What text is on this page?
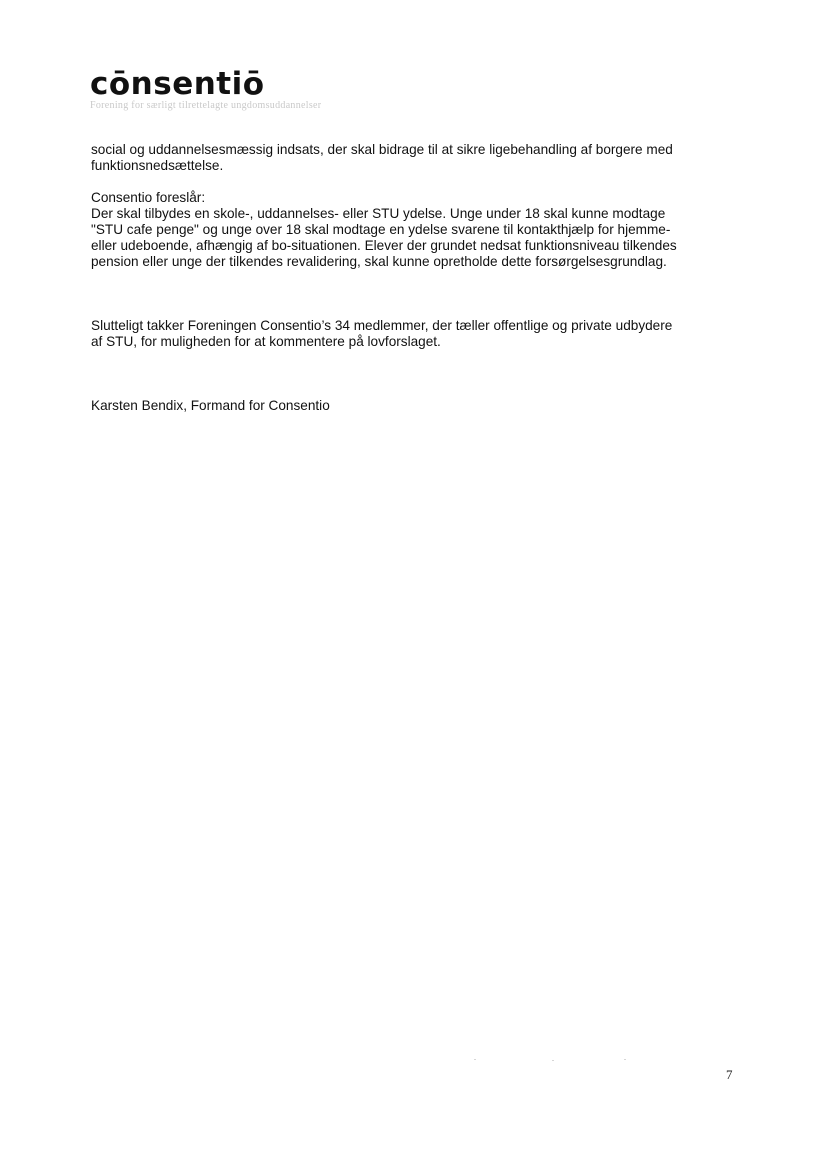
cōnsentiō
Forening for særligt tilrettelagte ungdomsuddannelser

social og uddannelsesmæssig indsats, der skal bidrage til at sikre ligebehandling af borgere med
funktionsnedsættelse.

Consentio foreslår:
Der skal tilbydes en skole-, uddannelses- eller STU ydelse. Unge under 18 skal kunne modtage
"STU cafe penge" og unge over 18 skal modtage en ydelse svarene til kontakthjælp for hjemme-
eller udeboende, afhængig af bo-situationen. Elever der grundet nedsat funktionsniveau tilkendes
pension eller unge der tilkendes revalidering, skal kunne opretholde dette forsørgelsesgrundlag.

Slutteligt takker Foreningen Consentio’s 34 medlemmer, der tæller offentlige og private udbydere
af STU, for muligheden for at kommentere på lovforslaget.

Karsten Bendix, Formand for Consentio

7
